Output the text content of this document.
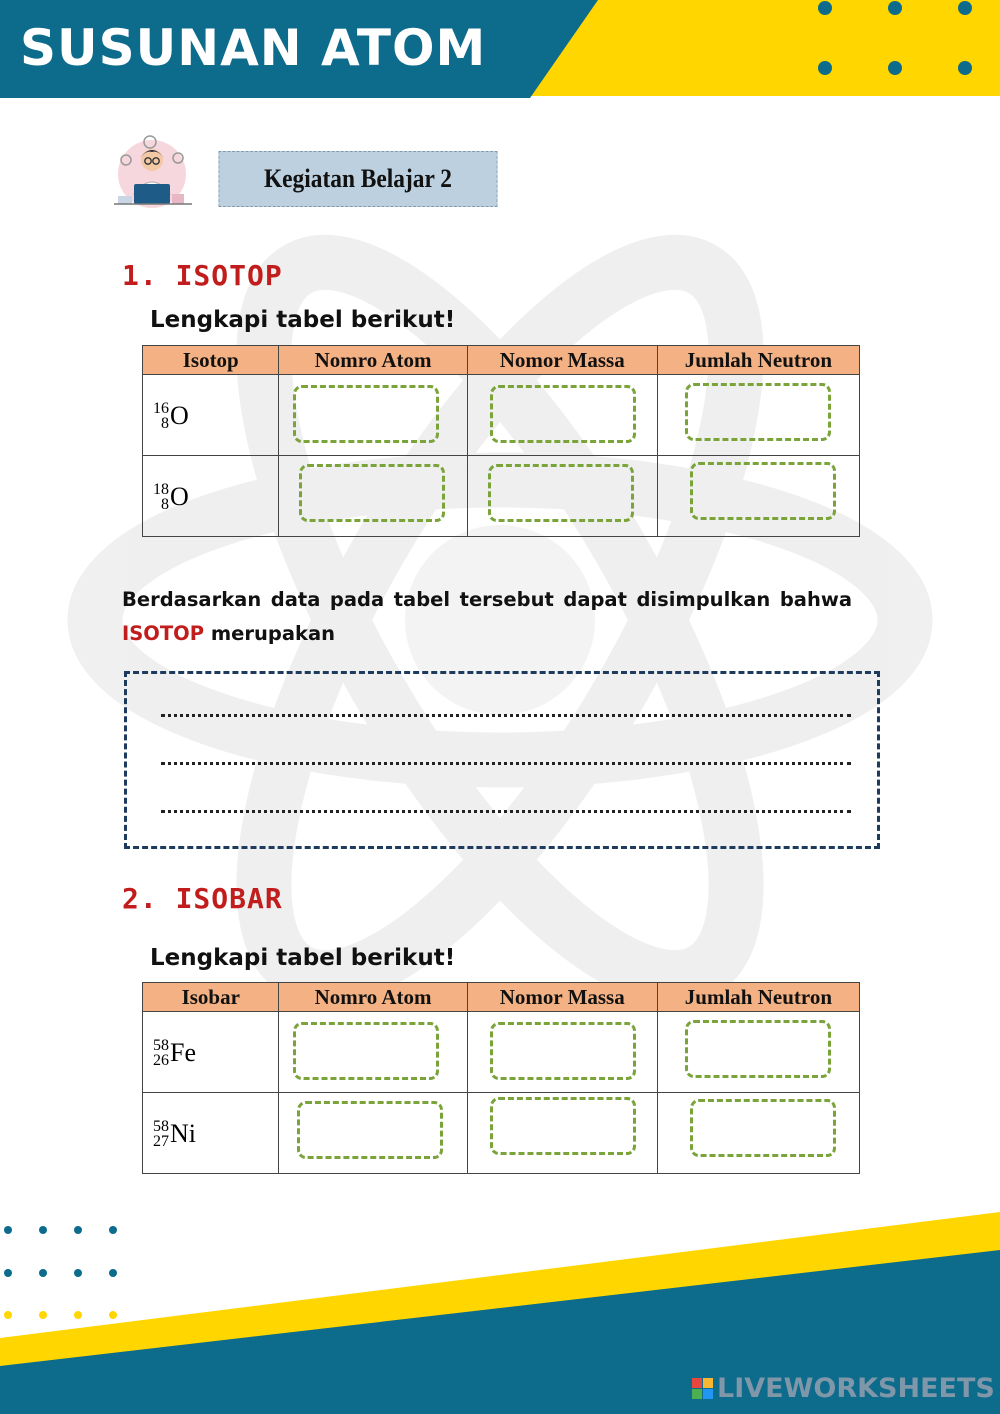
SUSUNAN ATOM
Kegiatan Belajar 2
1. ISOTOP

Lengkapi tabel berikut!

Isotop	Nomro Atom	Nomor Massa	Jumlah Neutron

16
8 O			

18
8 O			

Berdasarkan data pada tabel tersebut dapat disimpulkan bahwa ISOTOP merupakan

2. ISOBAR

Lengkapi tabel berikut!

Isobar	Nomro Atom	Nomor Massa	Jumlah Neutron

58
26 Fe			

58
27 Ni			

LIVEWORKSHEETS
